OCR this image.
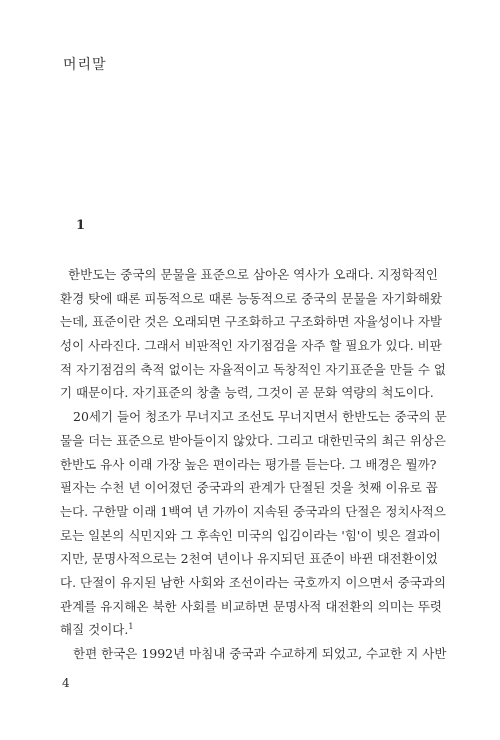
머리말
1
한반도는 중국의 문물을 표준으로 삼아온 역사가 오래다. 지정학적인
환경 탓에 때론 피동적으로 때론 능동적으로 중국의 문물을 자기화해왔
는데, 표준이란 것은 오래되면 구조화하고 구조화하면 자율성이나 자발
성이 사라진다. 그래서 비판적인 자기점검을 자주 할 필요가 있다. 비판
적 자기점검의 축적 없이는 자율적이고 독창적인 자기표준을 만들 수 없
기 때문이다. 자기표준의 창출 능력, 그것이 곧 문화 역량의 척도이다.
20세기 들어 청조가 무너지고 조선도 무너지면서 한반도는 중국의 문
물을 더는 표준으로 받아들이지 않았다. 그리고 대한민국의 최근 위상은
한반도 유사 이래 가장 높은 편이라는 평가를 듣는다. 그 배경은 뭘까?
필자는 수천 년 이어졌던 중국과의 관계가 단절된 것을 첫째 이유로 꼽
는다. 구한말 이래 1백여 년 가까이 지속된 중국과의 단절은 정치사적으
로는 일본의 식민지와 그 후속인 미국의 입김이라는 '힘'이 빚은 결과이
지만, 문명사적으로는 2천여 년이나 유지되던 표준이 바뀐 대전환이었
다. 단절이 유지된 남한 사회와 조선이라는 국호까지 이으면서 중국과의
관계를 유지해온 북한 사회를 비교하면 문명사적 대전환의 의미는 뚜렷
해질 것이다.$^1$
한편 한국은 1992년 마침내 중국과 수교하게 되었고, 수교한 지 사반
4
